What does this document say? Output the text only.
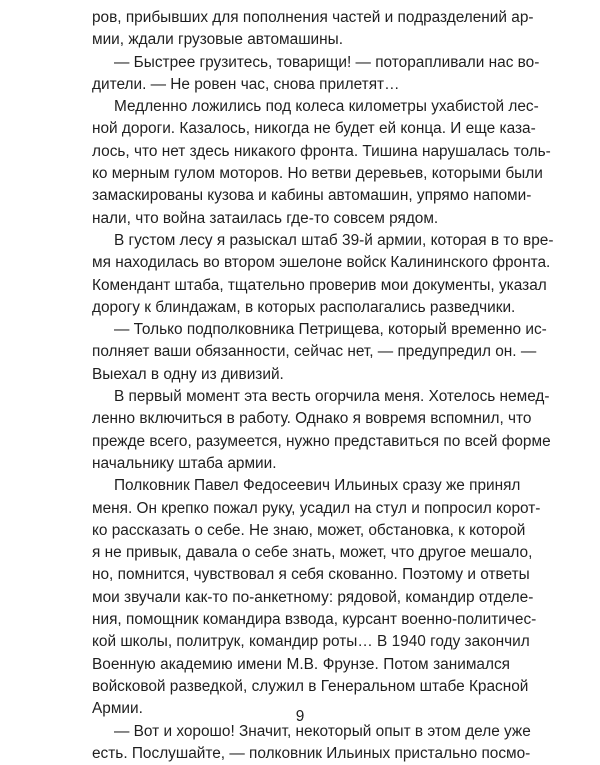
ров, прибывших для пополнения частей и подразделений ар-
мии, ждали грузовые автомашины.
— Быстрее грузитесь, товарищи! — поторапливали нас во-
дители. — Не ровен час, снова прилетят…
Медленно ложились под колеса километры ухабистой лес-
ной дороги. Казалось, никогда не будет ей конца. И еще каза-
лось, что нет здесь никакого фронта. Тишина нарушалась толь-
ко мерным гулом моторов. Но ветви деревьев, которыми были
замаскированы кузова и кабины автомашин, упрямо напоми-
нали, что война затаилась где-то совсем рядом.
В густом лесу я разыскал штаб 39-й армии, которая в то вре-
мя находилась во втором эшелоне войск Калининского фронта.
Комендант штаба, тщательно проверив мои документы, указал
дорогу к блиндажам, в которых располагались разведчики.
— Только подполковника Петрищева, который временно ис-
полняет ваши обязанности, сейчас нет, — предупредил он. —
Выехал в одну из дивизий.
В первый момент эта весть огорчила меня. Хотелось немед-
ленно включиться в работу. Однако я вовремя вспомнил, что
прежде всего, разумеется, нужно представиться по всей форме
начальнику штаба армии.
Полковник Павел Федосеевич Ильиных сразу же принял
меня. Он крепко пожал руку, усадил на стул и попросил корот-
ко рассказать о себе. Не знаю, может, обстановка, к которой
я не привык, давала о себе знать, может, что другое мешало,
но, помнится, чувствовал я себя скованно. Поэтому и ответы
мои звучали как-то по-анкетному: рядовой, командир отделе-
ния, помощник командира взвода, курсант военно-политичес-
кой школы, политрук, командир роты… В 1940 году закончил
Военную академию имени М.В. Фрунзе. Потом занимался
войсковой разведкой, служил в Генеральном штабе Красной
Армии.
— Вот и хорошо! Значит, некоторый опыт в этом деле уже
есть. Послушайте, — полковник Ильиных пристально посмо-
9
